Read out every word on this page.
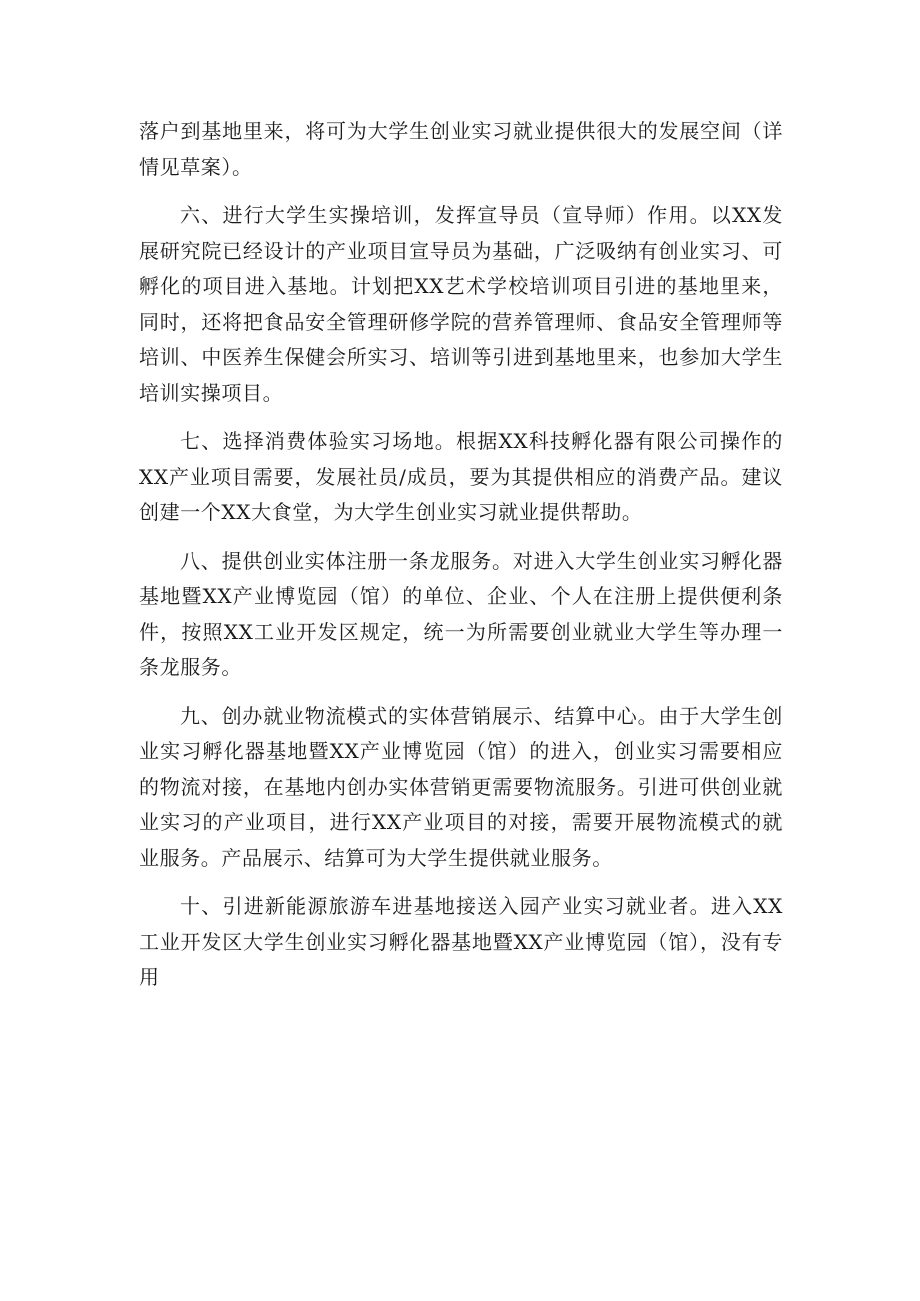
落户到基地里来，将可为大学生创业实习就业提供很大的发展空间（详情见草案）。

六、进行大学生实操培训，发挥宣导员（宣导师）作用。以XX发展研究院已经设计的产业项目宣导员为基础，广泛吸纳有创业实习、可孵化的项目进入基地。计划把XX艺术学校培训项目引进的基地里来，同时，还将把食品安全管理研修学院的营养管理师、食品安全管理师等培训、中医养生保健会所实习、培训等引进到基地里来，也参加大学生培训实操项目。

七、选择消费体验实习场地。根据XX科技孵化器有限公司操作的XX产业项目需要，发展社员/成员，要为其提供相应的消费产品。建议创建一个XX大食堂，为大学生创业实习就业提供帮助。

八、提供创业实体注册一条龙服务。对进入大学生创业实习孵化器基地暨XX产业博览园（馆）的单位、企业、个人在注册上提供便利条件，按照XX工业开发区规定，统一为所需要创业就业大学生等办理一条龙服务。

九、创办就业物流模式的实体营销展示、结算中心。由于大学生创业实习孵化器基地暨XX产业博览园（馆）的进入，创业实习需要相应的物流对接，在基地内创办实体营销更需要物流服务。引进可供创业就业实习的产业项目，进行XX产业项目的对接，需要开展物流模式的就业服务。产品展示、结算可为大学生提供就业服务。

十、引进新能源旅游车进基地接送入园产业实习就业者。进入XX工业开发区大学生创业实习孵化器基地暨XX产业博览园（馆），没有专用
